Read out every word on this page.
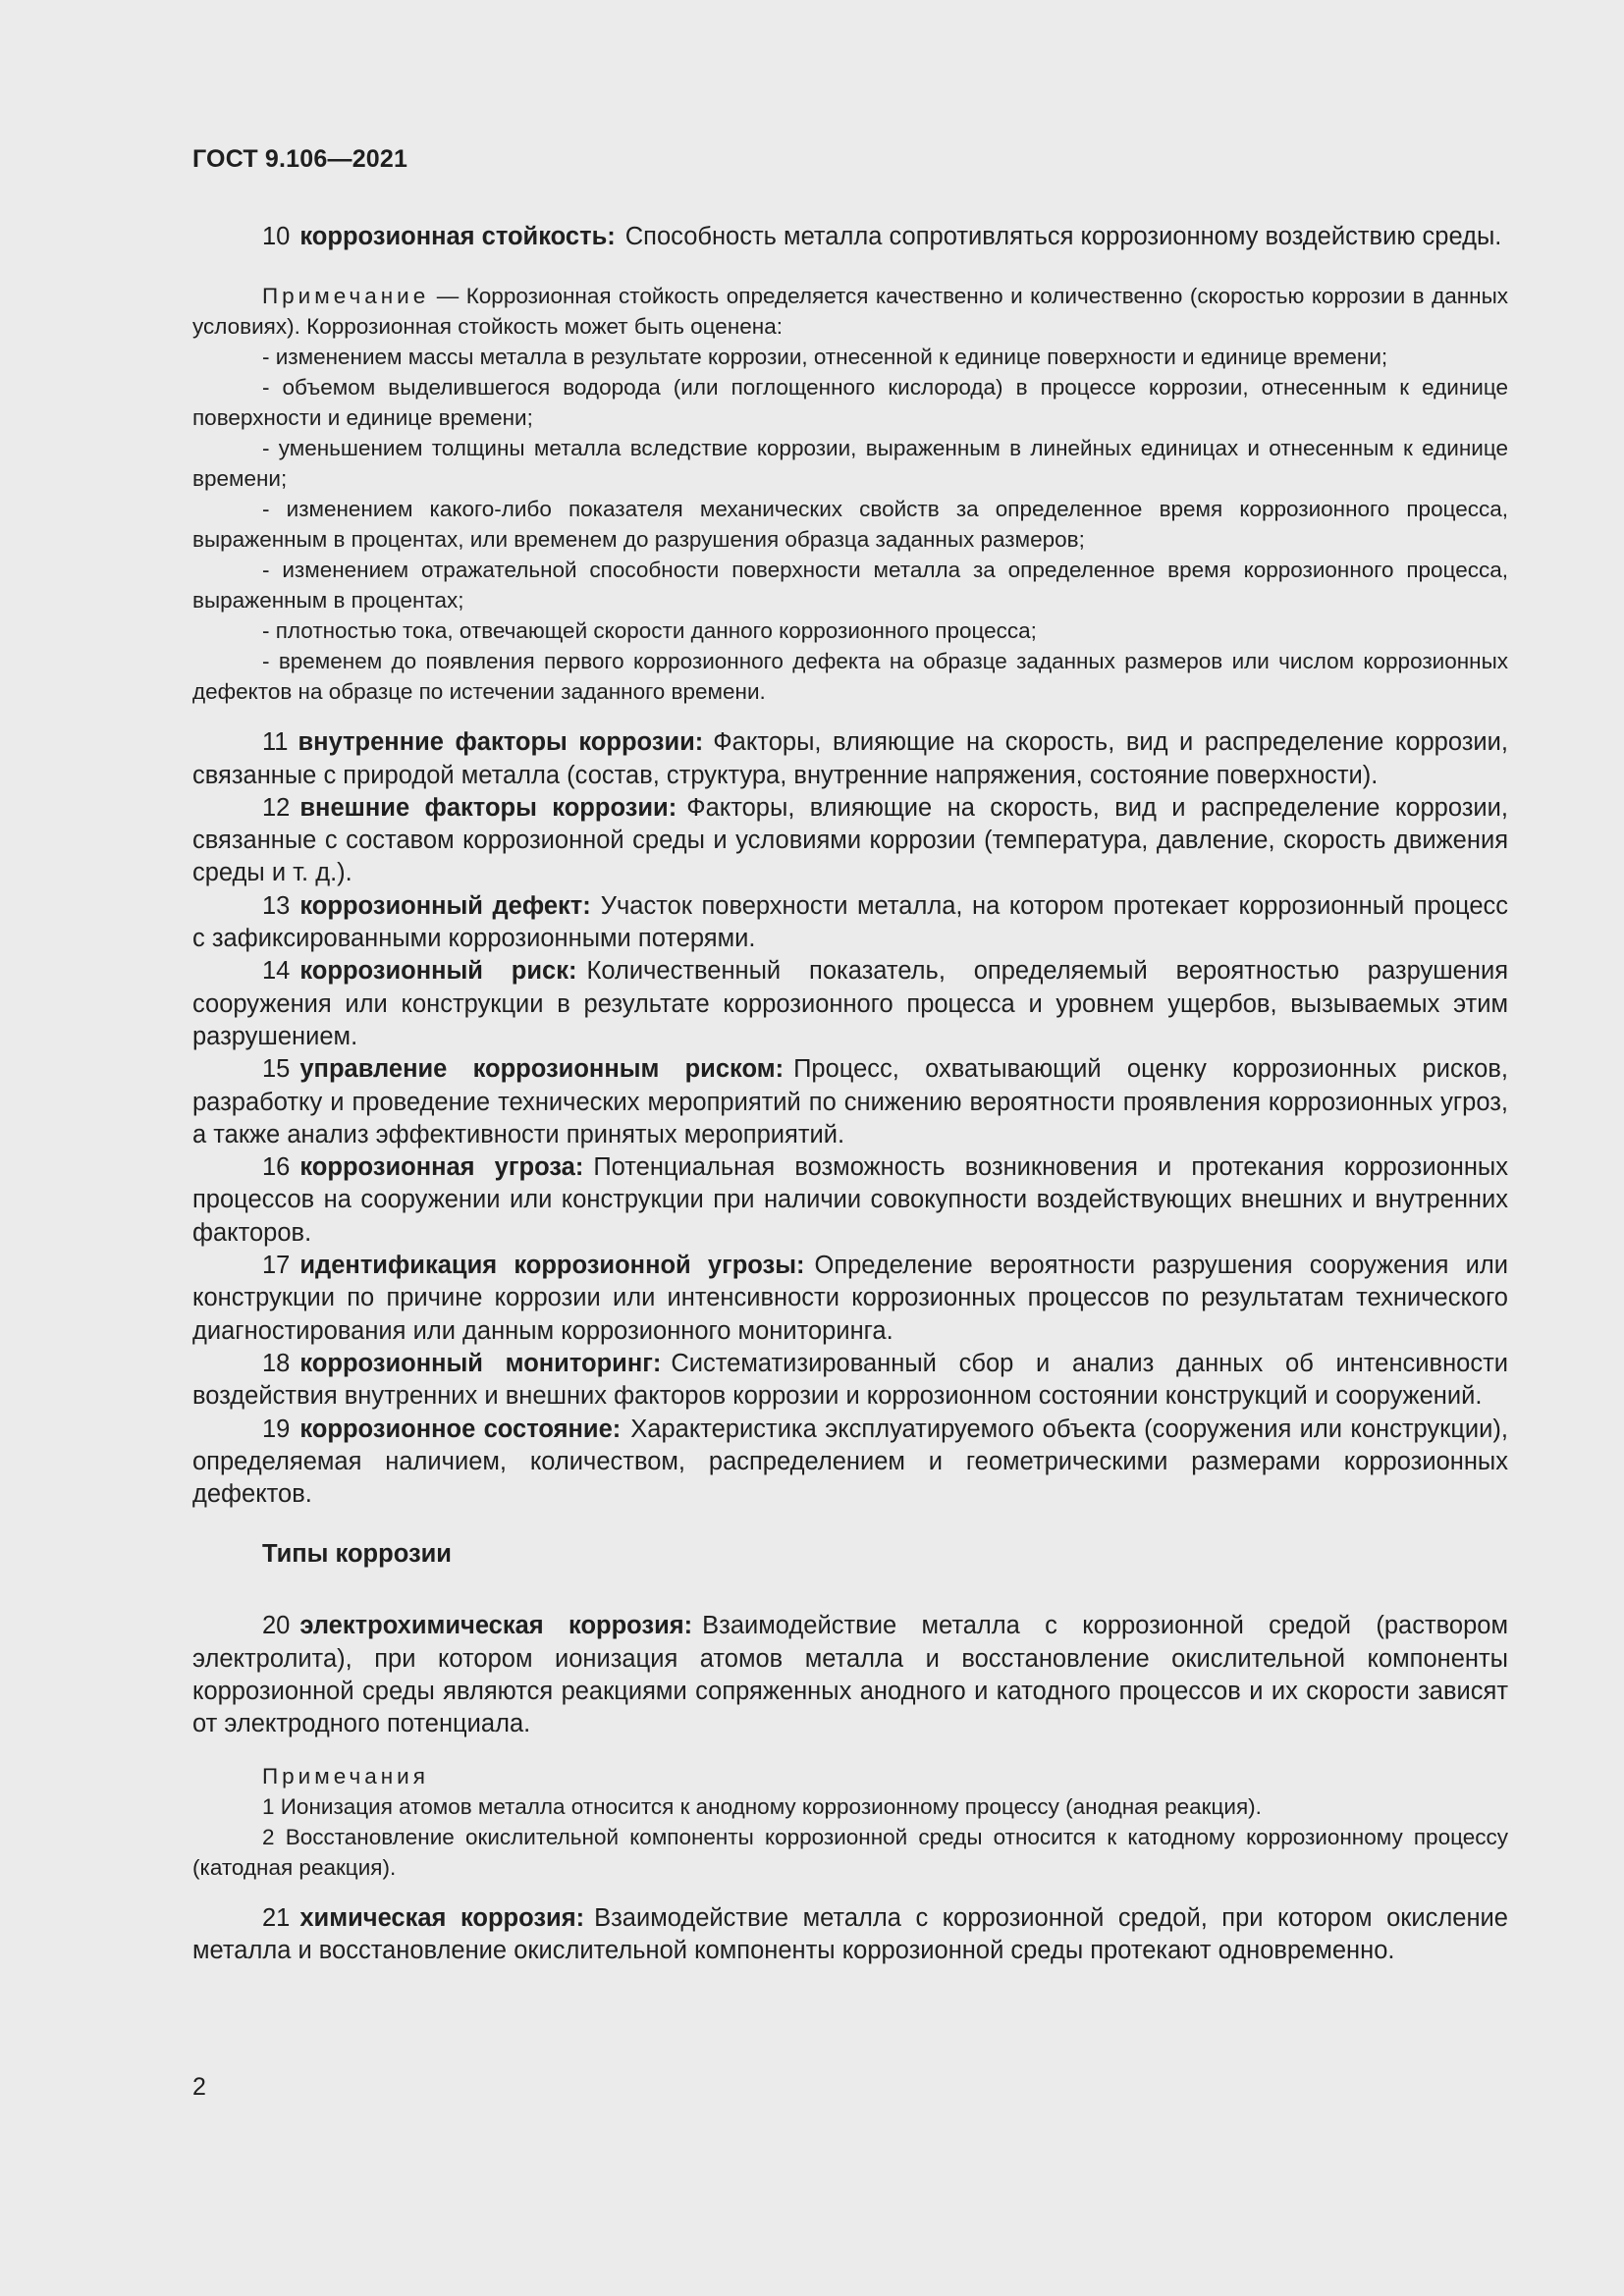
ГОСТ 9.106—2021

10 коррозионная стойкость: Способность металла сопротивляться коррозионному воздействию среды.

Примечание — Коррозионная стойкость определяется качественно и количественно (скоростью коррозии в данных условиях). Коррозионная стойкость может быть оценена:

- изменением массы металла в результате коррозии, отнесенной к единице поверхности и единице времени;

- объемом выделившегося водорода (или поглощенного кислорода) в процессе коррозии, отнесенным к единице поверхности и единице времени;

- уменьшением толщины металла вследствие коррозии, выраженным в линейных единицах и отнесенным к единице времени;

- изменением какого-либо показателя механических свойств за определенное время коррозионного процесса, выраженным в процентах, или временем до разрушения образца заданных размеров;

- изменением отражательной способности поверхности металла за определенное время коррозионного процесса, выраженным в процентах;

- плотностью тока, отвечающей скорости данного коррозионного процесса;

- временем до появления первого коррозионного дефекта на образце заданных размеров или числом коррозионных дефектов на образце по истечении заданного времени.

11 внутренние факторы коррозии: Факторы, влияющие на скорость, вид и распределение коррозии, связанные с природой металла (состав, структура, внутренние напряжения, состояние поверхности).

12 внешние факторы коррозии: Факторы, влияющие на скорость, вид и распределение коррозии, связанные с составом коррозионной среды и условиями коррозии (температура, давление, скорость движения среды и т. д.).

13 коррозионный дефект: Участок поверхности металла, на котором протекает коррозионный процесс с зафиксированными коррозионными потерями.

14 коррозионный риск: Количественный показатель, определяемый вероятностью разрушения сооружения или конструкции в результате коррозионного процесса и уровнем ущербов, вызываемых этим разрушением.

15 управление коррозионным риском: Процесс, охватывающий оценку коррозионных рисков, разработку и проведение технических мероприятий по снижению вероятности проявления коррозионных угроз, а также анализ эффективности принятых мероприятий.

16 коррозионная угроза: Потенциальная возможность возникновения и протекания коррозионных процессов на сооружении или конструкции при наличии совокупности воздействующих внешних и внутренних факторов.

17 идентификация коррозионной угрозы: Определение вероятности разрушения сооружения или конструкции по причине коррозии или интенсивности коррозионных процессов по результатам технического диагностирования или данным коррозионного мониторинга.

18 коррозионный мониторинг: Систематизированный сбор и анализ данных об интенсивности воздействия внутренних и внешних факторов коррозии и коррозионном состоянии конструкций и сооружений.

19 коррозионное состояние: Характеристика эксплуатируемого объекта (сооружения или конструкции), определяемая наличием, количеством, распределением и геометрическими размерами коррозионных дефектов.

Типы коррозии

20 электрохимическая коррозия: Взаимодействие металла с коррозионной средой (раствором электролита), при котором ионизация атомов металла и восстановление окислительной компоненты коррозионной среды являются реакциями сопряженных анодного и катодного процессов и их скорости зависят от электродного потенциала.

Примечания

1 Ионизация атомов металла относится к анодному коррозионному процессу (анодная реакция).

2 Восстановление окислительной компоненты коррозионной среды относится к катодному коррозионному процессу (катодная реакция).

21 химическая коррозия: Взаимодействие металла с коррозионной средой, при котором окисление металла и восстановление окислительной компоненты коррозионной среды протекают одновременно.

2
